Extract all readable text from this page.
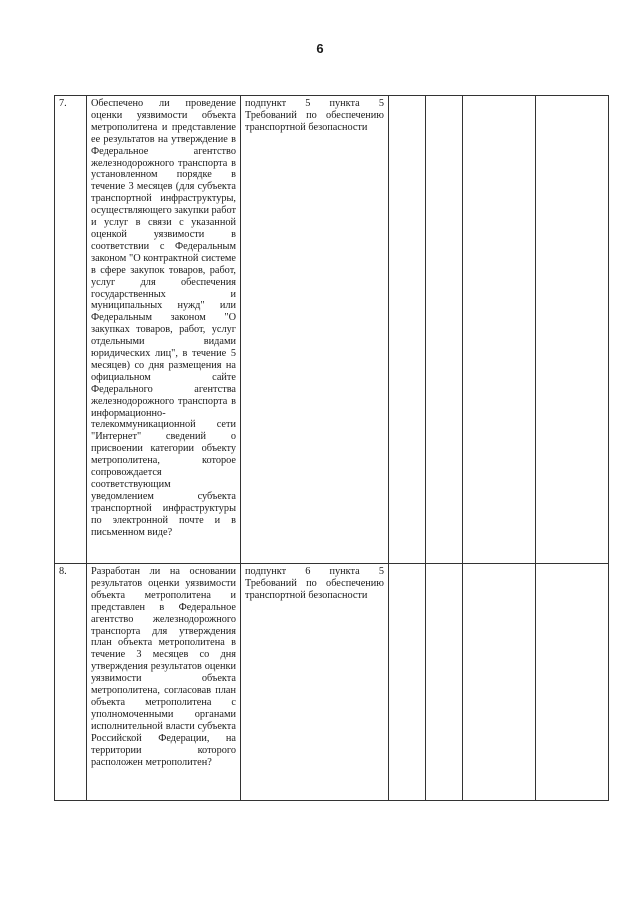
6
7.	Обеспечено ли проведение оценки уязвимости объекта метрополитена и представление ее результатов на утверждение в Федеральное агентство железнодорожного транспорта в установленном порядке в течение 3 месяцев (для субъекта транспортной инфраструктуры, осуществляющего закупки работ и услуг в связи с указанной оценкой уязвимости в соответствии с Федеральным законом "О контрактной системе в сфере закупок товаров, работ, услуг для обеспечения государственных и муниципальных нужд" или Федеральным законом "О закупках товаров, работ, услуг отдельными видами юридических лиц", в течение 5 месяцев) со дня размещения на официальном сайте Федерального агентства железнодорожного транспорта в информационно-телекоммуникационной сети "Интернет" сведений о присвоении категории объекту метрополитена, которое сопровождается соответствующим уведомлением субъекта транспортной инфраструктуры по электронной почте и в письменном виде?	подпункт 5 пункта 5 Требований по обеспечению транспортной безопасности				
8.	Разработан ли на основании результатов оценки уязвимости объекта метрополитена и представлен в Федеральное агентство железнодорожного транспорта для утверждения план объекта метрополитена в течение 3 месяцев со дня утверждения результатов оценки уязвимости объекта метрополитена, согласовав план объекта метрополитена с уполномоченными органами исполнительной власти субъекта Российской Федерации, на территории которого расположен метрополитен?	подпункт 6 пункта 5 Требований по обеспечению транспортной безопасности				
